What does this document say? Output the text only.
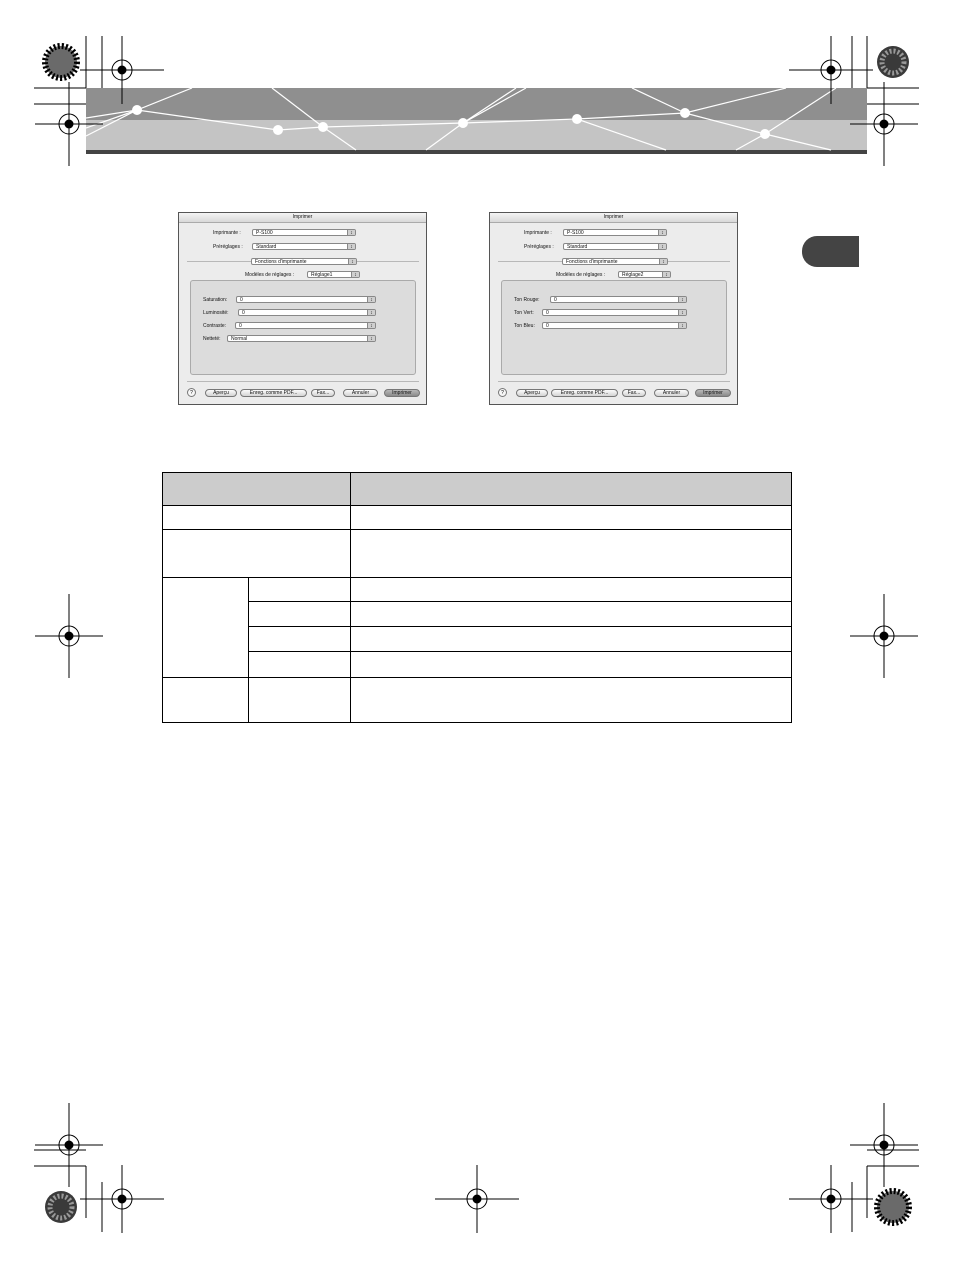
Imprimer
Imprimante :	P-S100 ↕
Préréglages :	Standard ↕
Fonctions d'imprimante ↕
Modèles de réglages :	Réglage1 ↕
Saturation:	0 ↕
Luminosité:	0 ↕
Contraste:	0 ↕
Netteté:	Normal ↕
?	Aperçu	Enreg. comme PDF...	Fax...	Annuler	Imprimer
Imprimer
Imprimante :	P-S100 ↕
Préréglages :	Standard ↕
Fonctions d'imprimante ↕
Modèles de réglages :	Réglage2 ↕
Ton Rouge:	0 ↕
Ton Vert:	0 ↕
Ton Bleu:	0 ↕
?	Aperçu	Enreg. comme PDF...	Fax...	Annuler	Imprimer
